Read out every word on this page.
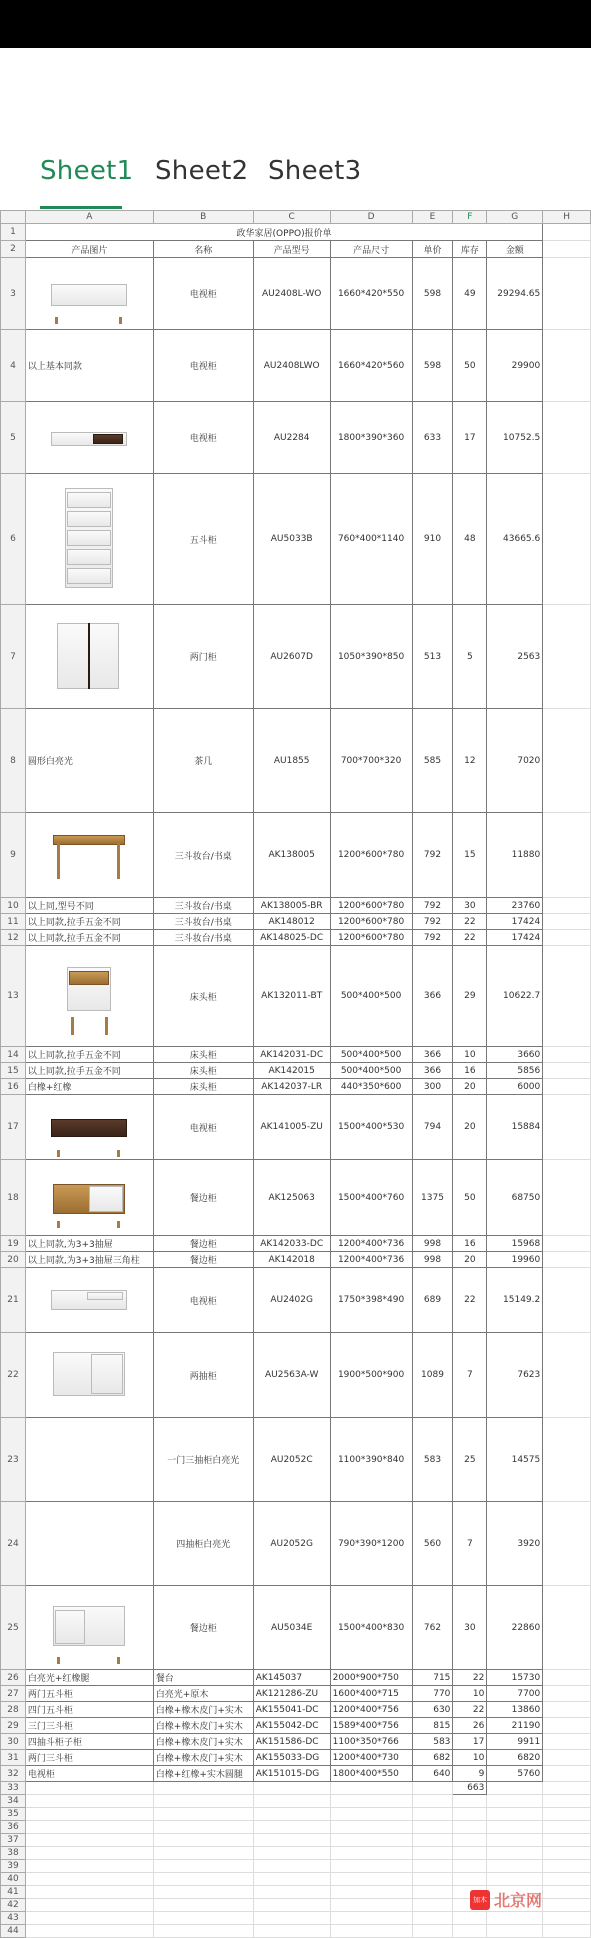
Sheet1 Sheet2 Sheet3
	A	B	C	D	E	F	G	H
1	政华家居(OPPO)报价单							
2	产品图片	名称	产品型号	产品尺寸	单价	库存	金额	
3		电视柜	AU2408L-WO	1660*420*550	598	49	29294.65	
4	以上基本同款	电视柜	AU2408LWO	1660*420*560	598	50	29900	
5		电视柜	AU2284	1800*390*360	633	17	10752.5	
6		五斗柜	AU5033B	760*400*1140	910	48	43665.6	
7		两门柜	AU2607D	1050*390*850	513	5	2563	
8	圆形白亮光	茶几	AU1855	700*700*320	585	12	7020	
9		三斗妆台/书桌	AK138005	1200*600*780	792	15	11880	
10	以上同,型号不同	三斗妆台/书桌	AK138005-BR	1200*600*780	792	30	23760	
11	以上同款,拉手五金不同	三斗妆台/书桌	AK148012	1200*600*780	792	22	17424	
12	以上同款,拉手五金不同	三斗妆台/书桌	AK148025-DC	1200*600*780	792	22	17424	
13		床头柜	AK132011-BT	500*400*500	366	29	10622.7	
14	以上同款,拉手五金不同	床头柜	AK142031-DC	500*400*500	366	10	3660	
15	以上同款,拉手五金不同	床头柜	AK142015	500*400*500	366	16	5856	
16	白橡+红橡	床头柜	AK142037-LR	440*350*600	300	20	6000	
17		电视柜	AK141005-ZU	1500*400*530	794	20	15884	
18		餐边柜	AK125063	1500*400*760	1375	50	68750	
19	以上同款,为3+3抽屉	餐边柜	AK142033-DC	1200*400*736	998	16	15968	
20	以上同款,为3+3抽屉三角柱	餐边柜	AK142018	1200*400*736	998	20	19960	
21		电视柜	AU2402G	1750*398*490	689	22	15149.2	
22		两抽柜	AU2563A-W	1900*500*900	1089	7	7623	
23		一门三抽柜白亮光	AU2052C	1100*390*840	583	25	14575	
24		四抽柜白亮光	AU2052G	790*390*1200	560	7	3920	
25		餐边柜	AU5034E	1500*400*830	762	30	22860	
26	白亮光+红橡腿	餐台	AK145037	2000*900*750	715	22	15730	
27	两门五斗柜	白亮光+原木	AK121286-ZU	1600*400*715	770	10	7700	
28	四门五斗柜	白橡+橡木皮门+实木	AK155041-DC	1200*400*756	630	22	13860	
29	三门三斗柜	白橡+橡木皮门+实木	AK155042-DC	1589*400*756	815	26	21190	
30	四抽斗柜子柜	白橡+橡木皮门+实木	AK151586-DC	1100*350*766	583	17	9911	
31	两门三斗柜	白橡+橡木皮门+实木	AK155033-DG	1200*400*730	682	10	6820	
32	电视柜	白橡+红橡+实木圆腿	AK151015-DG	1800*400*550	640	9	5760	
33						663		
34								
35								
36								
37								
38								
39								
40								
41								
42								
43								
44								
加木 北京网
